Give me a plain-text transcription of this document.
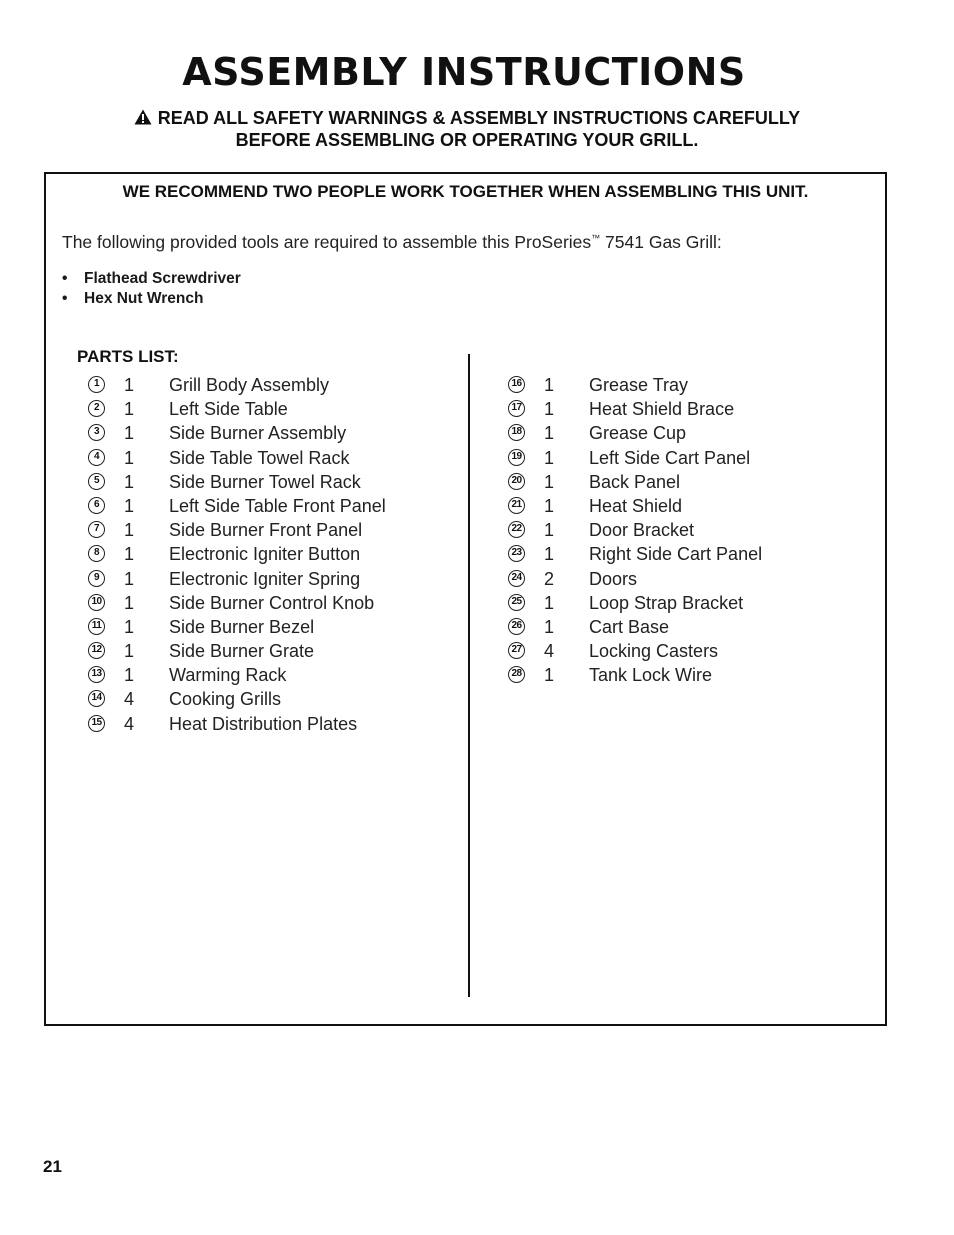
ASSEMBLY INSTRUCTIONS
READ ALL SAFETY WARNINGS & ASSEMBLY INSTRUCTIONS CAREFULLY
BEFORE ASSEMBLING OR OPERATING YOUR GRILL.
WE RECOMMEND TWO PEOPLE WORK TOGETHER WHEN ASSEMBLING THIS UNIT.
The following provided tools are required to assemble this ProSeries™ 7541 Gas Grill:
• Flathead Screwdriver
• Hex Nut Wrench
PARTS LIST:
1	1 Grill Body Assembly
2	1 Left Side Table
3	1 Side Burner Assembly
4	1 Side Table Towel Rack
5	1 Side Burner Towel Rack
6	1 Left Side Table Front Panel
7	1 Side Burner Front Panel
8	1 Electronic Igniter Button
9	1 Electronic Igniter Spring
10 1 Side Burner Control Knob
11 1 Side Burner Bezel
12 1 Side Burner Grate
13 1 Warming Rack
14 4 Cooking Grills
15 4 Heat Distribution Plates
16 1 Grease Tray
17 1 Heat Shield Brace
18 1 Grease Cup
19 1 Left Side Cart Panel
20 1 Back Panel
21 1 Heat Shield
22 1 Door Bracket
23 1 Right Side Cart Panel
24 2 Doors
25 1 Loop Strap Bracket
26 1 Cart Base
27 4 Locking Casters
28 1 Tank Lock Wire
21
